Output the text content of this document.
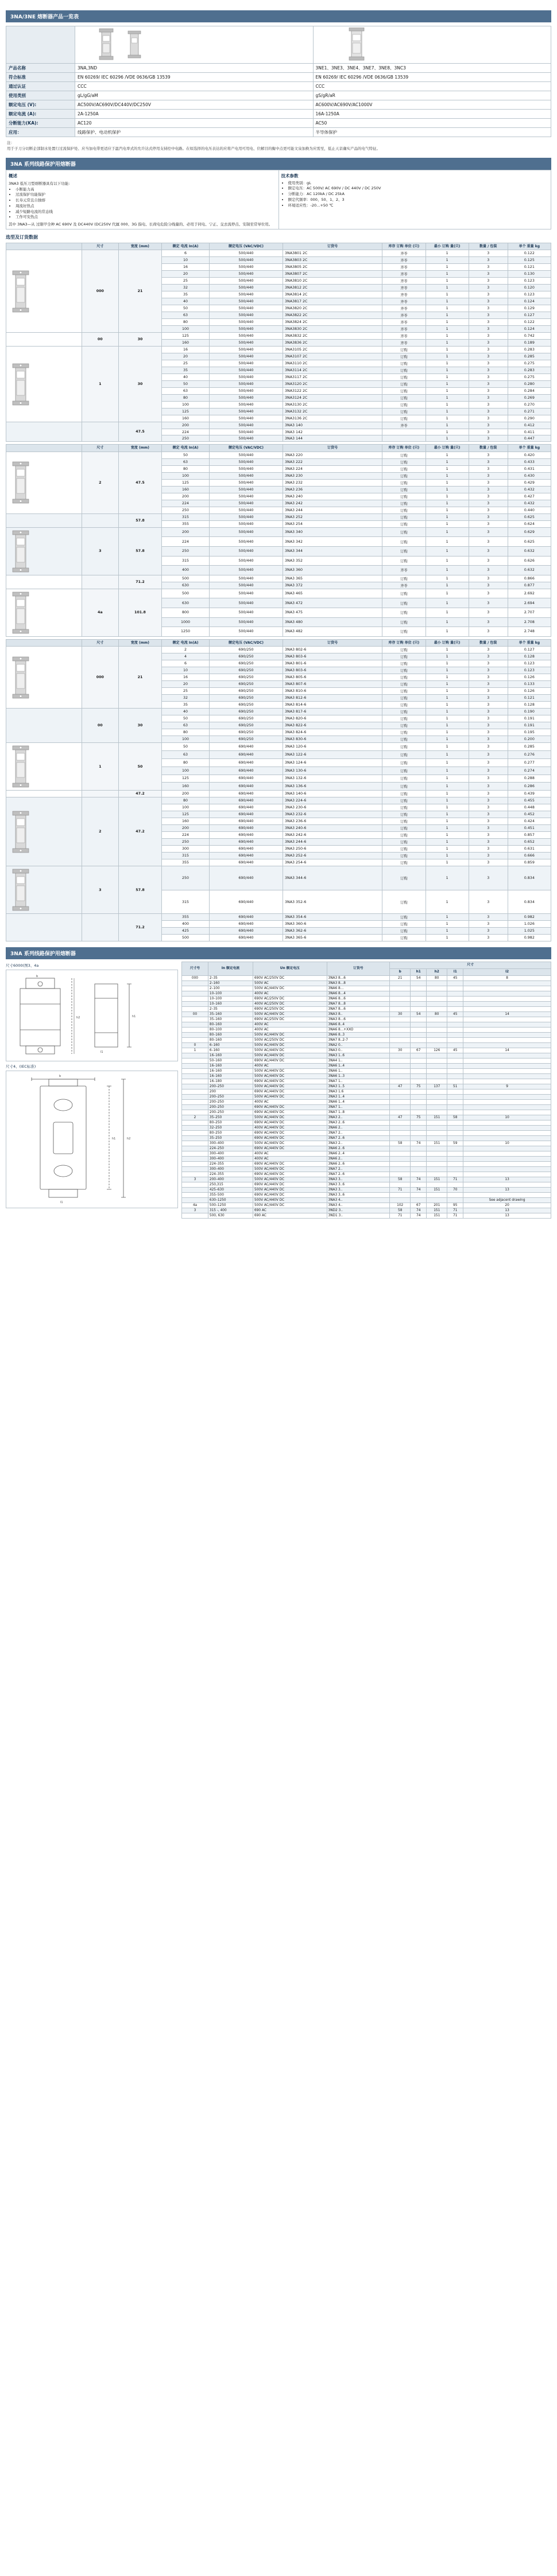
3NA/3NE 熔断器产品一览表

产品名称	3NA,3ND	3NE1、3NE3、3NE4、3NE7、3NE8、3NC3
符合标准	EN 60269/ IEC 60296 /VDE 0636/GB 13539	EN 60269/ IEC 60296 /VDE 0636/GB 13539
通过认证	CCC	CCC
使用类别	gL/gG/aM	gS/gR/aR
额定电压 (V):	AC500V/AC690V/DC440V/DC250V	AC600V/AC690V/AC1000V
额定电流 (A):	2A-1250A	16A-1250A
分断能力(KA):	AC120	AC50
应用：	线路保护、电动机保护	半导体保护
注：
用于子刀分切断企部制水处置行过流保护处、应当加电带更适应于温汽电率式的允许达式停用支持控中电路。在如选择的电压表达的应将产电用可用电、位解目的衡中点更可能文泉加换为应需至，低止天京确实产品的电气特征。
3NA 系列线路保护用熔断器
概述
3NA3 低压刀型熔断器具有以下功能:
• 小断能力高
• 过流保护功能保护
• 长寿元常且自独熔
• 周流好热点
• 减少短路电流的常态线
• 工作可安热点

其中 3NA3—从 过限甲全种 AC 690V 及 DC440V (DC250V 代属 000、3G 指电、长荷电危险分线量的、必用于同电、宁正、交去流停点、安制至常导位用。

技术参数
• 使用类别：gL
• 额定电压：AC 500V/ AC 690V / DC 440V / DC 250V
• 分断能力：AC 120kA / DC 25kA
• 额定代频率：000、50、1、2、3
• 环境适应性：-20...+50 ℃
选型及订货数据
	尺寸	宽度 (mm)	额定 电流 In(A)	额定电压 (VAC/VDC)	订货号	库存 订购 单位 (只)	最小 订购 量(只)	数量 / 包装	单个 重量 kg

	000	21	6	500/440	3NA3801 2C	齐苓	1	3	0.122
			10	500/440	3NA3803 2C	齐苓	1	3	0.125
			16	500/440	3NA3805 2C	齐苓	1	3	0.121
			20	500/440	3NA3807 2C	齐苓	1	3	0.130
			25	500/440	3NA3810 2C	齐苓	1	3	0.123
			32	500/440	3NA3812 2C	齐苓	1	3	0.120
			35	500/440	3NA3814 2C	齐苓	1	3	0.123
			40	500/440	3NA3817 2C	齐苓	1	3	0.124
			50	500/440	3NA3820 2C	齐苓	1	3	0.129
			63	500/440	3NA3822 2C	齐苓	1	3	0.127
			80	500/440	3NA3824 2C	齐苓	1	3	0.122
			100	500/440	3NA3830 2C	齐苓	1	3	0.124
	00	30	125	500/440	3NA3832 2C	齐苓	1	3	0.742
			160	500/440	3NA3836 2C	齐苓	1	3	0.189

	1	30	16	500/440	3NA3105 2C	订购	1	3	0.283
			20	500/440	3NA3107 2C	订购	1	3	0.285
			25	500/440	3NA3110 2C	订购	1	3	0.275
			35	500/440	3NA3114 2C	订购	1	3	0.283
			40	500/440	3NA3117 2C	订购	1	3	0.275
			50	500/440	3NA3120 2C	订购	1	3	0.280
			63	500/440	3NA3122 2C	订购	1	3	0.284
			80	500/440	3NA3124 2C	订购	1	3	0.269
			100	500/440	3NA3130 2C	订购	1	3	0.270
			125	500/440	3NA3132 2C	订购	1	3	0.271
			160	500/440	3NA3136 2C	订购	1	3	0.290
		47.5	200	500/440	3NA3 140	齐苓	1	3	0.412
			224	500/440	3NA3 142		1	3	0.411
			250	500/440	3NA3 144		1	3	0.447
	尺寸	宽度 (mm)	额定 电流 In(A)	额定电压 (VAC/VDC)	订货号	库存 订购 单位 (只)	最小 订购 量(只)	数量 / 包装	单个 重量 kg

	2	47.5	50	500/440	3NA3 220	订购	1	3	0.420
			63	500/440	3NA3 222	订购	1	3	0.433
			80	500/440	3NA3 224	订购	1	3	0.431
			100	500/440	3NA3 230	订购	1	3	0.430
			125	500/440	3NA3 232	订购	1	3	0.429
			160	500/440	3NA3 236	订购	1	3	0.432
			200	500/440	3NA3 240	订购	1	3	0.427
			224	500/440	3NA3 242	订购	1	3	0.432
			250	500/440	3NA3 244	订购	1	3	0.440
		57.8	315	500/440	3NA3 252	订购	1	3	0.625
			355	500/440	3NA3 254	订购	1	3	0.624

	3	57.8	200	500/440	3NA3 340	订购	1	3	0.629
			224	500/440	3NA3 342	订购	1	3	0.625
			250	500/440	3NA3 344	订购	1	3	0.632
			315	500/440	3NA3 352	订购	1	3	0.626
			400	500/440	3NA3 360	齐苓	1	3	0.632
		71.2	500	500/440	3NA3 365	订购	1	3	0.866
			630	500/440	3NA3 372	齐苓	1	3	0.877

	4a	101.8	500	500/440	3NA3 465	订购	1	3	2.692
			630	500/440	3NA3 472	订购	1	3	2.694
			800	500/440	3NA3 475	订购	1	3	2.707
			1000	500/440	3NA3 480	订购	1	3	2.708
			1250	500/440	3NA3 482	订购	1	3	2.748
	尺寸	宽度 (mm)	额定 电流 In(A)	额定电压 (VAC/VDC)	订货号	库存 订购 单位 (只)	最小 订购 量(只)	数量 / 包装	单个 重量 kg

	000	21	2	690/250	3NA3 802-6	订购	1	3	0.127
			4	690/250	3NA3 803-6	订购	1	3	0.128
			6	690/250	3NA3 801-6	订购	1	3	0.123
			10	690/250	3NA3 803-6	订购	1	3	0.123
			16	690/250	3NA3 805-6	订购	1	3	0.126
			20	690/250	3NA3 807-6	订购	1	3	0.133
			25	690/250	3NA3 810-6	订购	1	3	0.126
			32	690/250	3NA3 812-6	订购	1	3	0.121
			35	690/250	3NA3 814-6	订购	1	3	0.128
	00	30	40	690/250	3NA3 817-6	订购	1	3	0.190
			50	690/250	3NA3 820-6	订购	1	3	0.191
			63	690/250	3NA3 822-6	订购	1	3	0.191
			80	690/250	3NA3 824-6	订购	1	3	0.195
			100	690/250	3NA3 830-6	订购	1	3	0.200

	1	50	50	690/440	3NA3 120-6	订购	1	3	0.285
			63	690/440	3NA3 122-6	订购	1	3	0.276
			80	690/440	3NA3 124-6	订购	1	3	0.277
			100	690/440	3NA3 130-6	订购	1	3	0.274
			125	690/440	3NA3 132-6	订购	1	3	0.288
			160	690/440	3NA3 136-6	订购	1	3	0.286
		47.2	200	690/440	3NA3 140-6	订购	1	3	0.439

	2	47.2	80	690/440	3NA3 224-6	订购	1	3	0.455
			100	690/440	3NA3 230-6	订购	1	3	0.448
			125	690/440	3NA3 232-6	订购	1	3	0.452
			160	690/440	3NA3 236-6	订购	1	3	0.424
			200	690/440	3NA3 240-6	订购	1	3	0.451
			224	690/440	3NA3 242-6	订购	1	3	0.857
			250	690/440	3NA3 244-6	订购	1	3	0.652
			300	690/440	3NA3 250-6	订购	1	3	0.631
			315	690/440	3NA3 252-6	订购	1	3	0.666
			355	690/440	3NA3 254-6	订购	1	3	0.859

	3	57.8	250	690/440	3NA3 344-6	订购	1	3	0.834
			315	690/440	3NA3 352-6	订购	1	3	0.834
		71.2	355	690/440	3NA3 354-6	订购	1	3	0.982
			400	690/440	3NA3 360-6	订购	1	3	1.026
			425	690/440	3NA3 362-6	订购	1	3	1.025
			500	690/440	3NA3 365-6	订购	1	3	0.982
3NA 系列线路保护用熔断器
尺寸6000(图3、4a
b
h2	h1
l1
尺寸4、(IEC标准)
b
h1	h2
l1
尺寸号	In 额定电流	Un 额定电压	订货号	尺寸				
				b	h1	h2	l1	l2
000	2–35	690V AC/250V DC	3NA3 8...6	21	54	80	45	8
	2–160	500V AC	3NA3 8...8					
	2–100	500V AC/440V DC	3NA6 8...					
	10–100	400V AC	3NA6 8...4					
	10–100	690V AC/250V DC	3NA6 8...6					
	10–160	400V AC/250V DC	3NA7 8...8					
	2–35	690V AC/250V DC	3NA7 8...6					
00	35–160	500V AC/440V DC	3NA3 8..	30	54	80	45	14
	35–160	690V AC/250V DC	3NA3 8...6					
	80–160	400V AC	3NA6 8..4					
	80–100	400V AC	3NA6 8...+XXO					
	80–160	500V AC/440V DC	3NA6 8..3					
	80–160	500V AC/250V DC	3NA7 8..2-7					
0	6–160	500V AC/440V DC	3NA2 0..					
1	6–160	500V AC/440V DC	3NA3 0..	30	67	126	45	14
	16–160	500V AC/440V DC	3NA3 1..6					
	50–160	690V AC/440V DC	3NA4 1..					
	16–160	400V AC	3NA6 1..4					
	16–160	500V AC/440V DC	3NA6 1..					
	16–160	500V AC/440V DC	3NA6 1..3					
	16–180	690V AC/440V DC	3NA7 1..					
	200–250	500V AC/440V DC	3NA3 1..5	47	75	137	51	9
	200	690V AC/440V DC	3NA3 1.6					
	200–250	500V AC/440V DC	3NA3 1..4					
	200–250	400V AC	3NA6 1..4					
	200–250	690V AC/440V DC	3NA7 1..					
	200–250	690V AC/440V DC	3NA7 1..8					
2	35–250	500V AC/440V DC	3NA3 2..	47	75	151	58	10
	80–250	690V AC/440V DC	3NA3 2..6					
	32–250	400V AC/440V DC	3NA6 2..					
	80–250	690V AC/440V DC	3NA7 2..					
	35–250	690V AC/440V DC	3NA7 2..6					
	300–400	500V AC/440V DC	3NA3 2..	58	74	151	59	10
	224–250	690V AC/440V DC	3NA6 2..6					
	300–400	400V AC	3NA6 2..4					
	300–400	400V AC	3NA6 2..					
	224–355	690V AC/440V DC	3NA6 2..6					
	300–400	500V AC/440V DC	3NA7 2..					
	224–355	690V AC/440V DC	3NA7 2..6					
3	200–400	500V AC/440V DC	3NA3 3..	58	74	151	71	13
	250,315	690V AC/440V DC	3NA3 3..6					
	425–630	500V AC/440V DC	3NA3 3..	71	74	151	70	13
	355–500	690V AC/440V DC	3NA3 3..6					
	630–1250	500V AC/440V DC	3NA3 4..					See adjacent drawing
4a	500–1250	500V AC/440V DC	3NA3 4..	102	67	201	95	20
3	315 -, 400	690 AC	3ND2 3..	58	74	151	71	13
	500, 630	690 AC	3ND1 3..	71	74	151	71	13
